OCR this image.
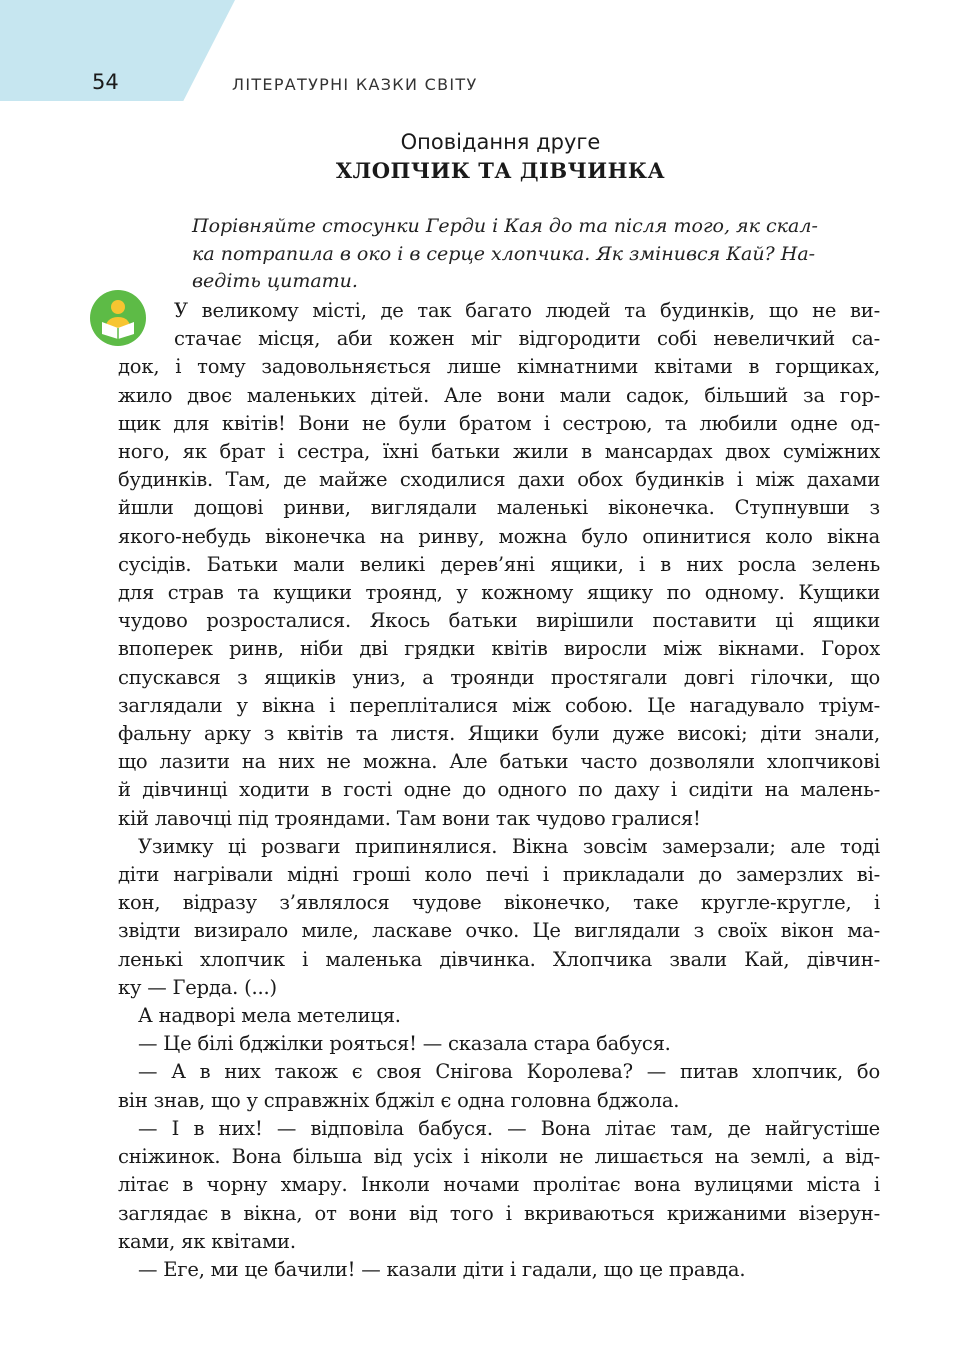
54	ЛІТЕРАТУРНІ КАЗКИ СВІТУ
Оповідання друге
ХЛОПЧИК ТА ДІВЧИНКА
Порівняйте стосунки Герди і Кая до та після того, як скал-
ка потрапила в око і в серце хлопчика. Як змінився Кай? На-
ведіть цитати.
У великому місті, де так багато людей та будинків, що не ви-
стачає місця, аби кожен міг відгородити собі невеличкий са-
док, і тому задовольняється лише кімнатними квітами в горщиках,
жило двоє маленьких дітей. Але вони мали садок, більший за гор-
щик для квітів! Вони не були братом і сестрою, та любили одне од-
ного, як брат і сестра, їхні батьки жили в мансардах двох суміжних
будинків. Там, де майже сходилися дахи обох будинків і між дахами
йшли дощові ринви, виглядали маленькі віконечка. Ступнувши з
якого-небудь віконечка на ринву, можна було опинитися коло вікна
сусідів. Батьки мали великі дерев’яні ящики, і в них росла зелень
для страв та кущики троянд, у кожному ящику по одному. Кущики
чудово розросталися. Якось батьки вирішили поставити ці ящики
впоперек ринв, ніби дві грядки квітів виросли між вікнами. Горох
спускався з ящиків униз, а троянди простягали довгі гілочки, що
заглядали у вікна і перепліталися між собою. Це нагадувало тріум-
фальну арку з квітів та листя. Ящики були дуже високі; діти знали,
що лазити на них не можна. Але батьки часто дозволяли хлопчикові
й дівчинці ходити в гості одне до одного по даху і сидіти на малень-
кій лавочці під трояндами. Там вони так чудово гралися!
Узимку ці розваги припинялися. Вікна зовсім замерзали; але тоді
діти нагрівали мідні гроші коло печі і прикладали до замерзлих ві-
кон, відразу з’являлося чудове віконечко, таке кругле-кругле, і
звідти визирало миле, ласкаве очко. Це виглядали з своїх вікон ма-
ленькі хлопчик і маленька дівчинка. Хлопчика звали Кай, дівчин-
ку — Герда. (...)
А надворі мела метелиця.
— Це білі бджілки рояться! — сказала стара бабуся.
— А в них також є своя Снігова Королева? — питав хлопчик, бо
він знав, що у справжніх бджіл є одна головна бджола.
— І в них! — відповіла бабуся. — Вона літає там, де найгустіше
сніжинок. Вона більша від усіх і ніколи не лишається на землі, а від-
літає в чорну хмару. Інколи ночами пролітає вона вулицями міста і
заглядає в вікна, от вони від того і вкриваються крижаними візерун-
ками, як квітами.
— Еге, ми це бачили! — казали діти і гадали, що це правда.
